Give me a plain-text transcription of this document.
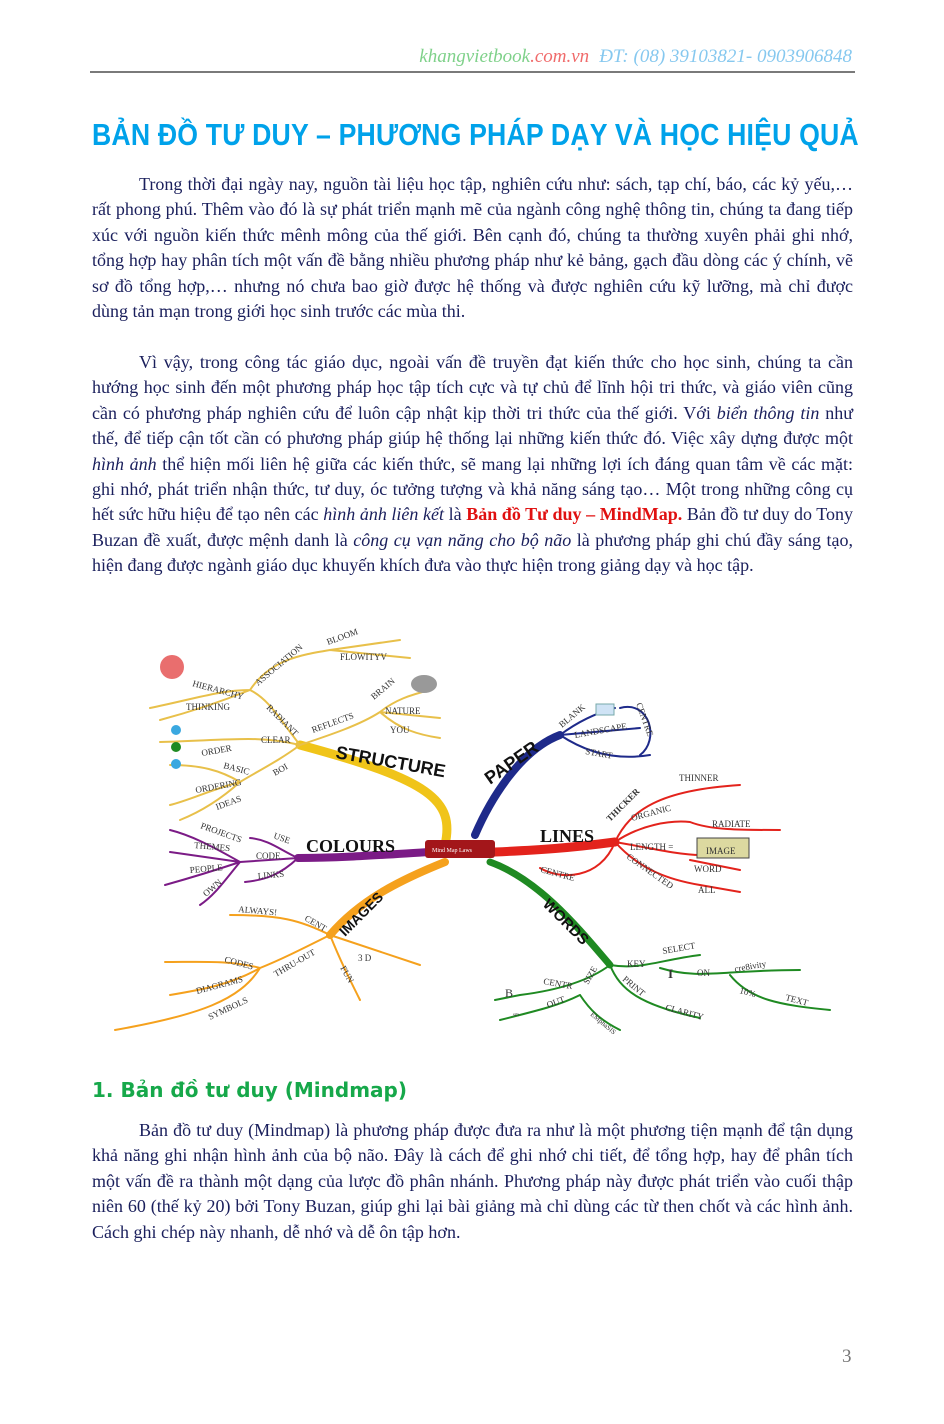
khangvietbook.com.vn ĐT: (08) 39103821- 0903906848
BẢN ĐỒ TƯ DUY – PHƯƠNG PHÁP DẠY VÀ HỌC HIỆU QUẢ

Trong thời đại ngày nay, nguồn tài liệu học tập, nghiên cứu như: sách, tạp chí, báo, các kỷ yếu,… rất phong phú. Thêm vào đó là sự phát triển mạnh mẽ của ngành công nghệ thông tin, chúng ta đang tiếp xúc với nguồn kiến thức mênh mông của thế giới. Bên cạnh đó, chúng ta thường xuyên phải ghi nhớ, tổng hợp hay phân tích một vấn đề bằng nhiều phương pháp như kẻ bảng, gạch đầu dòng các ý chính, vẽ sơ đồ tổng hợp,… nhưng nó chưa bao giờ được hệ thống và được nghiên cứu kỹ lưỡng, mà chỉ được dùng tản mạn trong giới học sinh trước các mùa thi.

Vì vậy, trong công tác giáo dục, ngoài vấn đề truyền đạt kiến thức cho học sinh, chúng ta cần hướng học sinh đến một phương pháp học tập tích cực và tự chủ để lĩnh hội tri thức, và giáo viên cũng cần có phương pháp nghiên cứu để luôn cập nhật kịp thời tri thức của thế giới. Với biển thông tin như thế, để tiếp cận tốt cần có phương pháp giúp hệ thống lại những kiến thức đó. Việc xây dựng được một hình ảnh thể hiện mối liên hệ giữa các kiến thức, sẽ mang lại những lợi ích đáng quan tâm về các mặt: ghi nhớ, phát triển nhận thức, tư duy, óc tưởng tượng và khả năng sáng tạo… Một trong những công cụ hết sức hữu hiệu để tạo nên các hình ảnh liên kết là Bản đồ Tư duy – MindMap. Bản đồ tư duy do Tony Buzan đề xuất, được mệnh danh là công cụ vạn năng cho bộ não là phương pháp ghi chú đầy sáng tạo, hiện đang được ngành giáo dục khuyến khích đưa vào thực hiện trong giảng dạy và học tập.

Mind Map Laws
STRUCTURE PAPER
LINES
WORDS
IMAGES
COLOURS
BLOOM
FLOWITYV
ASSOCIATION
HIERARCHY
THINKING	RADIANT
CLEAR
REFLECTS
BRAIN
NATURE
YOU
ORDER
BASIC BOI
ORDERING
IDEAS
PROJECTS
THEMES
PEOPLE
OWN
USE
CODE
LINKS
ALWAYS!
CENT
THRU-OUT
CODES
DIAGRAMS
SYMBOLS
3 D
FUN
BLANK
LANDSCAPE
START
CENTRE
THICKER
THINNER
ORGANIC
RADIATE
LENGTH =	IMAGE
WORD
CONNECTED	ALL
CENTRE
KEY
SELECT
I	ON	cre8ivity
10%
TEXT
SIZE PRINT
CLARITY
CENTR
B
OUT
EMphaSIS
sm
1. Bản đồ tư duy (Mindmap)

Bản đồ tư duy (Mindmap) là phương pháp được đưa ra như là một phương tiện mạnh để tận dụng khả năng ghi nhận hình ảnh của bộ não. Đây là cách để ghi nhớ chi tiết, để tổng hợp, hay để phân tích một vấn đề ra thành một dạng của lược đồ phân nhánh. Phương pháp này được phát triển vào cuối thập niên 60 (thế kỷ 20) bởi Tony Buzan, giúp ghi lại bài giảng mà chỉ dùng các từ then chốt và các hình ảnh. Cách ghi chép này nhanh, dễ nhớ và dễ ôn tập hơn.

3
